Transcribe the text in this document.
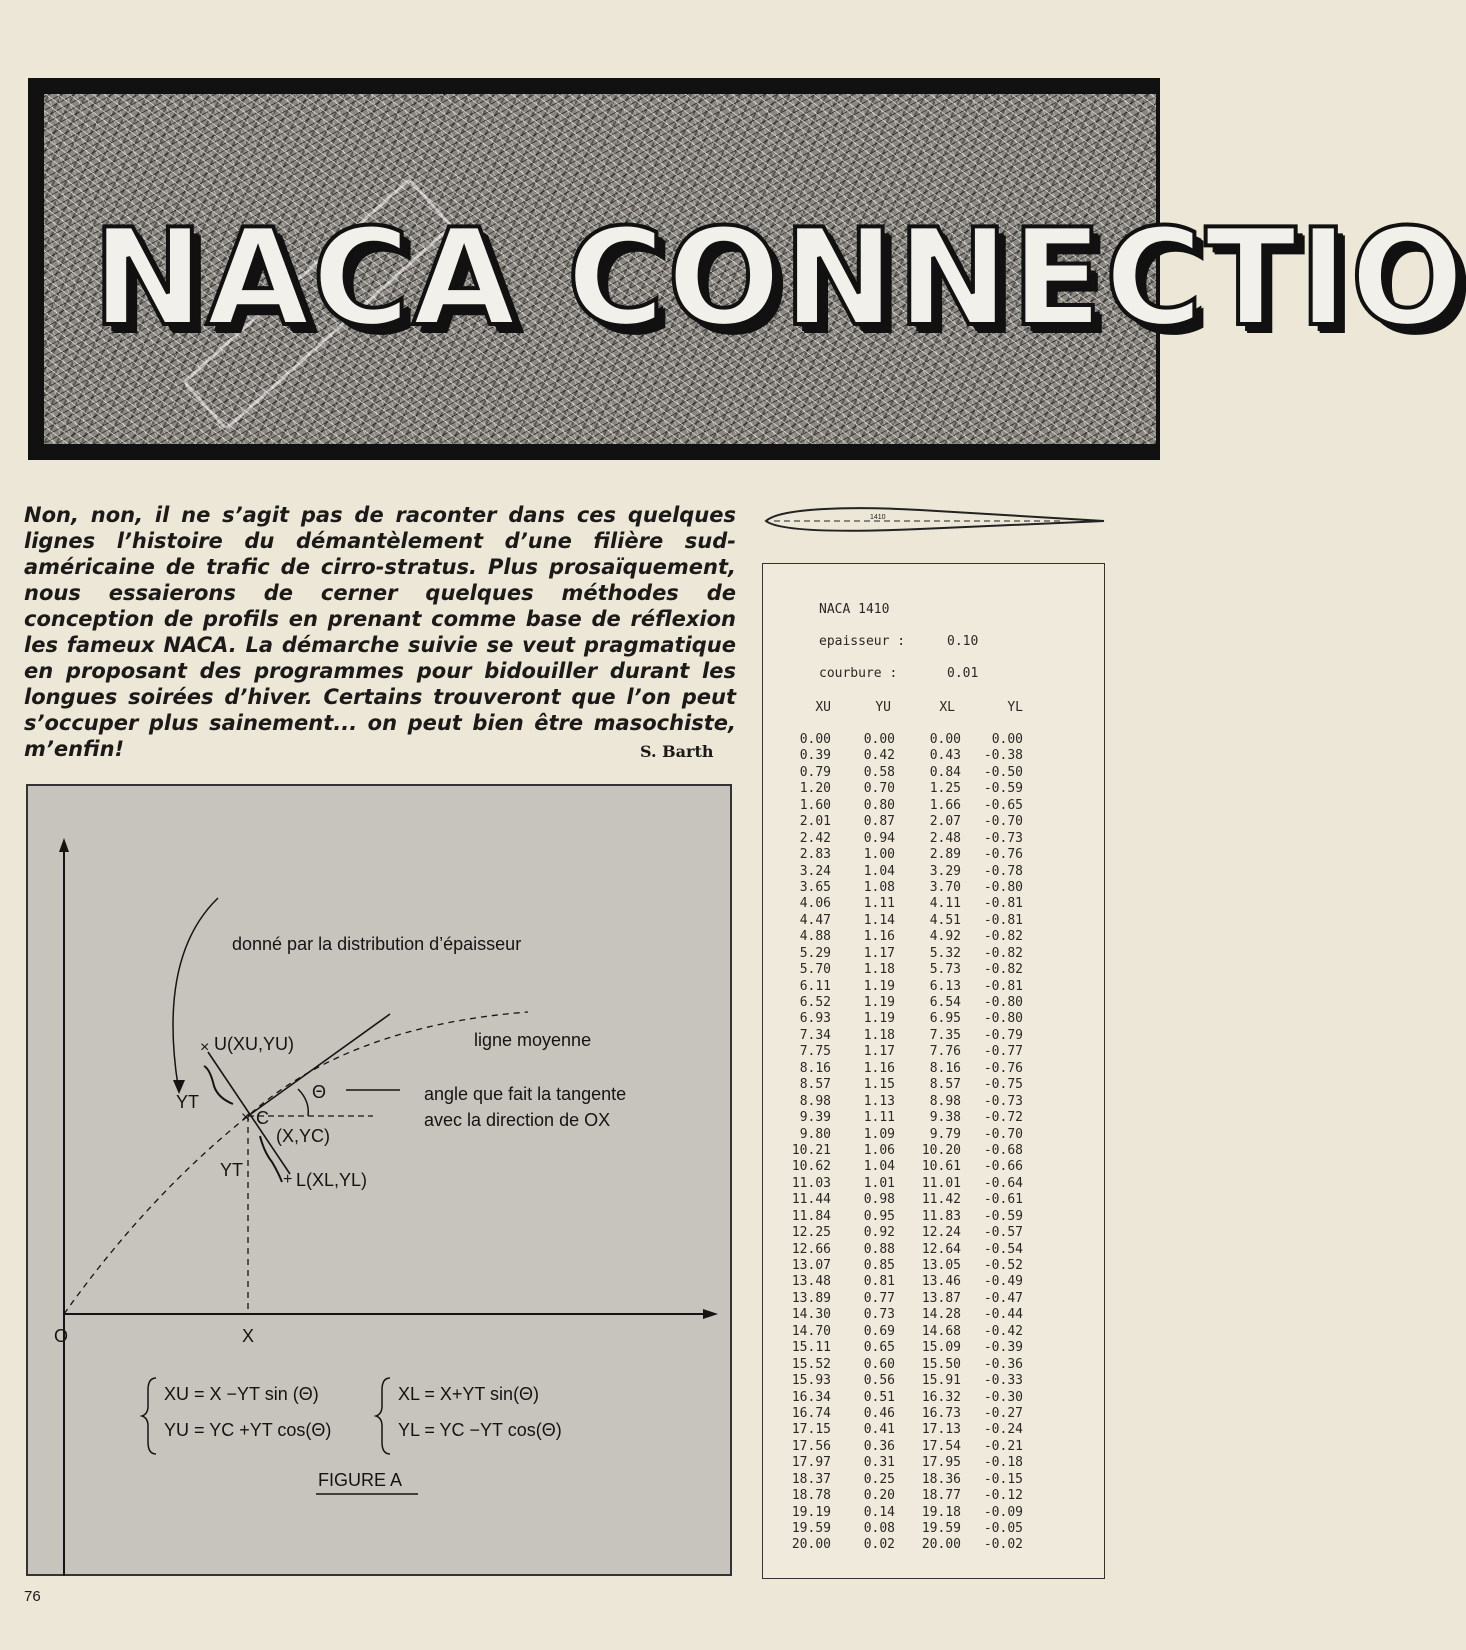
NACA CONNECTIO

Non, non, il ne s’agit pas de raconter dans ces quelques lignes l’histoire du démantèlement d’une filière sud-américaine de trafic de cirro-stratus. Plus prosaïquement, nous essaierons de cerner quelques méthodes de conception de profils en prenant comme base de réflexion les fameux NACA. La démarche suivie se veut pragmatique en proposant des programmes pour bidouiller durant les longues soirées d’hiver. Certains trouveront que l’on peut s’occuper plus sainement... on peut bien être masochiste, m’enfin!	S. Barth
1410
NACA 1410
epaisseur :	0.10
courbure :	0.01
XU	YU	XL	YL
0.00	0.00	0.00	0.00
0.39	0.42	0.43	-0.38
0.79	0.58	0.84	-0.50
1.20	0.70	1.25	-0.59
1.60	0.80	1.66	-0.65
2.01	0.87	2.07	-0.70
2.42	0.94	2.48	-0.73
2.83	1.00	2.89	-0.76
3.24	1.04	3.29	-0.78
3.65	1.08	3.70	-0.80
4.06	1.11	4.11	-0.81
4.47	1.14	4.51	-0.81
4.88	1.16	4.92	-0.82
5.29	1.17	5.32	-0.82
5.70	1.18	5.73	-0.82
6.11	1.19	6.13	-0.81
6.52	1.19	6.54	-0.80
6.93	1.19	6.95	-0.80
7.34	1.18	7.35	-0.79
7.75	1.17	7.76	-0.77
8.16	1.16	8.16	-0.76
8.57	1.15	8.57	-0.75
8.98	1.13	8.98	-0.73
9.39	1.11	9.38	-0.72
9.80	1.09	9.79	-0.70
10.21	1.06	10.20	-0.68
10.62	1.04	10.61	-0.66
11.03	1.01	11.01	-0.64
11.44	0.98	11.42	-0.61
11.84	0.95	11.83	-0.59
12.25	0.92	12.24	-0.57
12.66	0.88	12.64	-0.54
13.07	0.85	13.05	-0.52
13.48	0.81	13.46	-0.49
13.89	0.77	13.87	-0.47
14.30	0.73	14.28	-0.44
14.70	0.69	14.68	-0.42
15.11	0.65	15.09	-0.39
15.52	0.60	15.50	-0.36
15.93	0.56	15.91	-0.33
16.34	0.51	16.32	-0.30
16.74	0.46	16.73	-0.27
17.15	0.41	17.13	-0.24
17.56	0.36	17.54	-0.21
17.97	0.31	17.95	-0.18
18.37	0.25	18.36	-0.15
18.78	0.20	18.77	-0.12
19.19	0.14	19.18	-0.09
19.59	0.08	19.59	-0.05
20.00	0.02	20.00	-0.02
×
×
+
donné par la distribution d’épaisseur
U(XU,YU)	ligne moyenne
YT	Θ	angle que fait la tangente
avec la direction de OX
C
(X,YC)
YT	L(XL,YL)
O	X
XU = X −YT sin (Θ)
YU = YC +YT cos(Θ)
XL = X+YT sin(Θ)
YL = YC −YT cos(Θ)
FIGURE A
76
